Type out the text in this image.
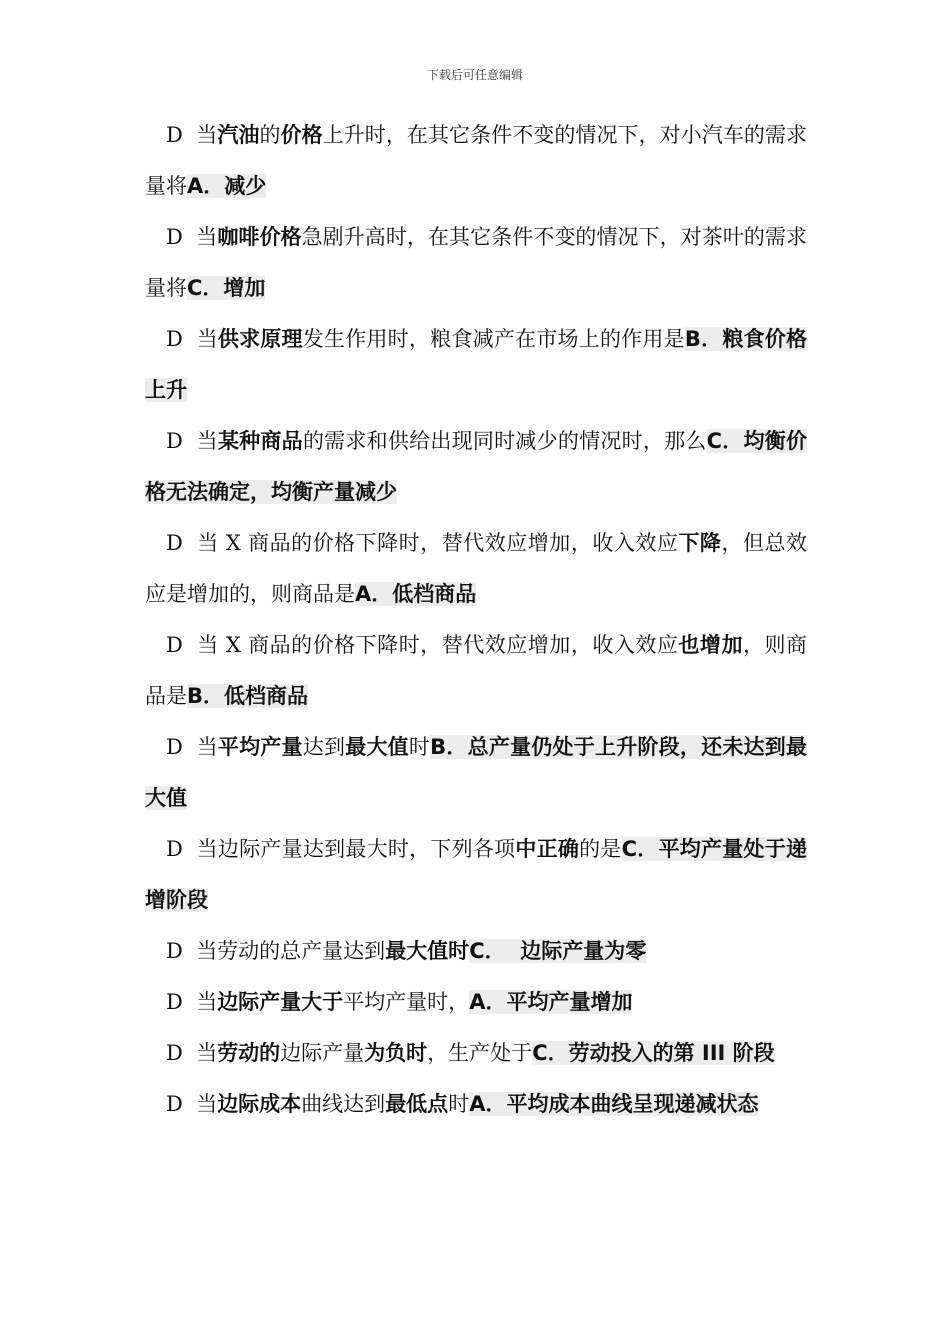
下载后可任意编辑

D  当汽油的价格上升时，在其它条件不变的情况下，对小汽车的需求量将A．减少

D  当咖啡价格急剧升高时，在其它条件不变的情况下，对茶叶的需求量将C．增加

D  当供求原理发生作用时，粮食减产在市场上的作用是B．粮食价格上升

D  当某种商品的需求和供给出现同时减少的情况时，那么C．均衡价格无法确定，均衡产量减少

D  当 X 商品的价格下降时，替代效应增加，收入效应下降，但总效应是增加的，则商品是A．低档商品

D  当 X 商品的价格下降时，替代效应增加，收入效应也增加，则商品是B．低档商品

D  当平均产量达到最大值时B．总产量仍处于上升阶段，还未达到最大值

D  当边际产量达到最大时，下列各项中正确的是C．平均产量处于递增阶段

D  当劳动的总产量达到最大值时C．  边际产量为零

D  当边际产量大于平均产量时，A．平均产量增加

D  当劳动的边际产量为负时，生产处于C．劳动投入的第 III 阶段

D  当边际成本曲线达到最低点时A．平均成本曲线呈现递减状态
